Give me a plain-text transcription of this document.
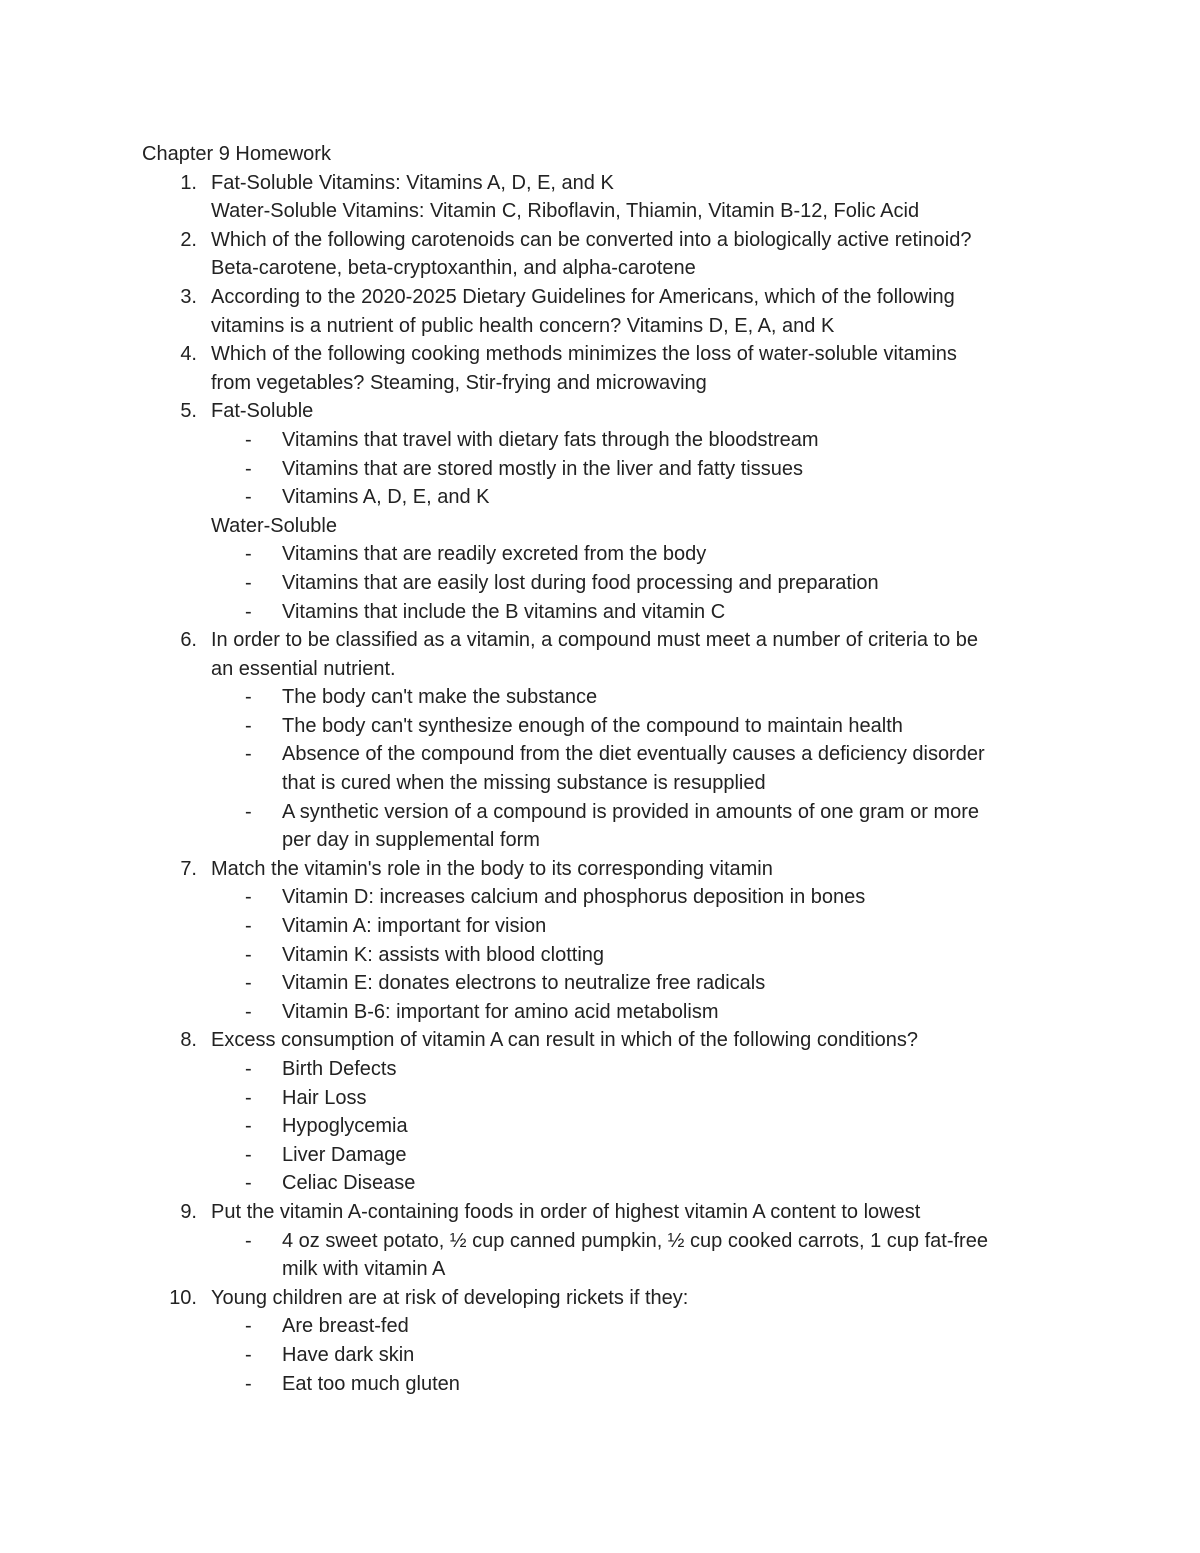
Chapter 9 Homework
1. Fat-Soluble Vitamins: Vitamins A, D, E, and K
Water-Soluble Vitamins: Vitamin C, Riboflavin, Thiamin, Vitamin B-12, Folic Acid
2. Which of the following carotenoids can be converted into a biologically active retinoid?
Beta-carotene, beta-cryptoxanthin, and alpha-carotene
3. According to the 2020-2025 Dietary Guidelines for Americans, which of the following
vitamins is a nutrient of public health concern? Vitamins D, E, A, and K
4. Which of the following cooking methods minimizes the loss of water-soluble vitamins
from vegetables? Steaming, Stir-frying and microwaving
5. Fat-Soluble
- Vitamins that travel with dietary fats through the bloodstream
- Vitamins that are stored mostly in the liver and fatty tissues
- Vitamins A, D, E, and K
Water-Soluble
- Vitamins that are readily excreted from the body
- Vitamins that are easily lost during food processing and preparation
- Vitamins that include the B vitamins and vitamin C
6. In order to be classified as a vitamin, a compound must meet a number of criteria to be
an essential nutrient.
- The body can't make the substance
- The body can't synthesize enough of the compound to maintain health
- Absence of the compound from the diet eventually causes a deficiency disorder
that is cured when the missing substance is resupplied
- A synthetic version of a compound is provided in amounts of one gram or more
per day in supplemental form
7. Match the vitamin's role in the body to its corresponding vitamin
- Vitamin D: increases calcium and phosphorus deposition in bones
- Vitamin A: important for vision
- Vitamin K: assists with blood clotting
- Vitamin E: donates electrons to neutralize free radicals
- Vitamin B-6: important for amino acid metabolism
8. Excess consumption of vitamin A can result in which of the following conditions?
- Birth Defects
- Hair Loss
- Hypoglycemia
- Liver Damage
- Celiac Disease
9. Put the vitamin A-containing foods in order of highest vitamin A content to lowest
- 4 oz sweet potato, ½ cup canned pumpkin, ½ cup cooked carrots, 1 cup fat-free
milk with vitamin A
10. Young children are at risk of developing rickets if they:
- Are breast-fed
- Have dark skin
- Eat too much gluten
